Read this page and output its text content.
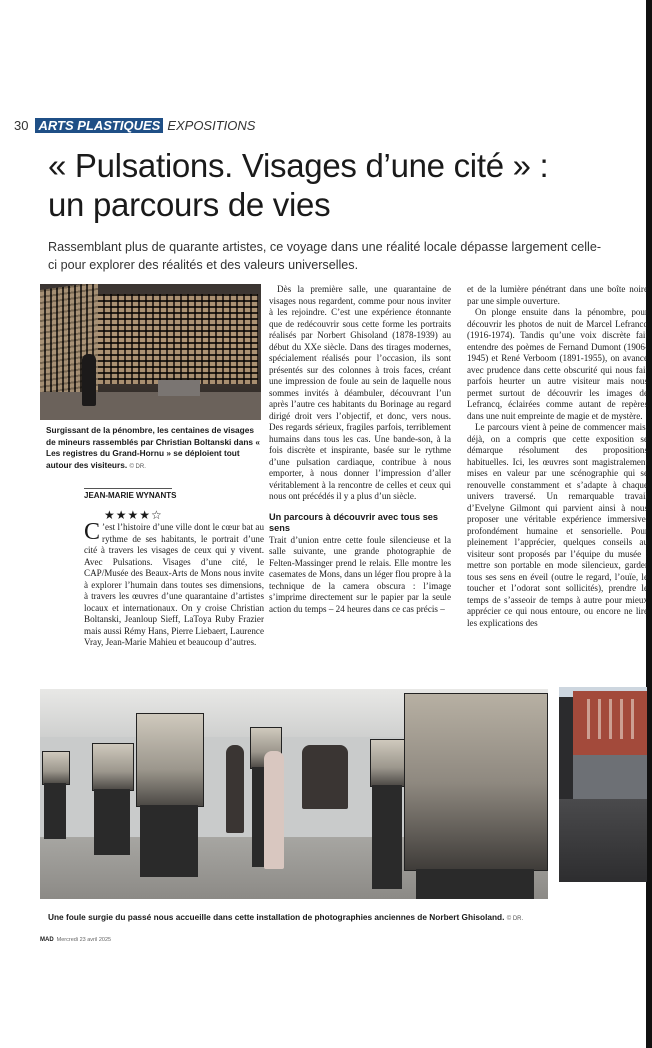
30 ARTS PLASTIQUES EXPOSITIONS
« Pulsations. Visages d’une cité » :
un parcours de vies

Rassemblant plus de quarante artistes, ce voyage dans une réalité locale dépasse largement celle-ci pour explorer des réalités et des valeurs universelles.

Surgissant de la pénombre, les centaines de visages de mineurs rassemblés par Christian Boltanski dans « Les registres du Grand-Hornu » se déploient tout autour des visiteurs. © DR.

JEAN-MARIE WYNANTS
★★★★☆

C ’est l’histoire d’une ville dont le cœur bat au rythme de ses habitants, le portrait d’une cité à travers les visages de ceux qui y vivent. Avec Pulsations. Visages d’une cité, le CAP/Musée des Beaux-Arts de Mons nous invite à explorer l’humain dans toutes ses dimensions, à travers les œuvres d’une quarantaine d’artistes locaux et internationaux. On y croise Christian Boltanski, Jeanloup Sieff, LaToya Ruby Frazier mais aussi Rémy Hans, Pierre Liebaert, Laurence Vray, Jean-Marie Mahieu et beaucoup d’autres.

Dès la première salle, une quarantaine de visages nous regardent, comme pour nous inviter à les rejoindre. C’est une expérience étonnante que de redécouvrir sous cette forme les portraits réalisés par Norbert Ghisoland (1878-1939) au début du XXe siècle. Dans des tirages modernes, spécialement réalisés pour l’occasion, ils sont présentés sur des colonnes à trois faces, créant une impression de foule au sein de laquelle nous sommes invités à déambuler, découvrant l’un après l’autre ces habitants du Borinage au regard dirigé droit vers l’objectif, et donc, vers nous. Des regards sérieux, fragiles parfois, terriblement humains dans tous les cas. Une bande-son, à la fois discrète et inspirante, basée sur le rythme d’une pulsation cardiaque, contribue à nous emporter, à nous donner l’impression d’aller véritablement à la rencontre de celles et ceux qui nous ont précédés il y a plus d’un siècle.

Un parcours à découvrir avec tous ses sens

Trait d’union entre cette foule silencieuse et la salle suivante, une grande photographie de Felten-Massinger prend le relais. Elle montre les casemates de Mons, dans un léger flou propre à la technique de la camera obscura : l’image s’imprime directement sur le papier par la seule action du temps – 24 heures dans ce cas précis –

et de la lumière pénétrant dans une boîte noire par une simple ouverture.

On plonge ensuite dans la pénombre, pour découvrir les photos de nuit de Marcel Lefrancq (1916-1974). Tandis qu’une voix discrète fait entendre des poèmes de Fernand Dumont (1906-1945) et René Verboom (1891-1955), on avance avec prudence dans cette obscurité qui nous fait parfois heurter un autre visiteur mais nous permet surtout de découvrir les images de Lefrancq, éclairées comme autant de repères dans une nuit empreinte de magie et de mystère.

Le parcours vient à peine de commencer mais, déjà, on a compris que cette exposition se démarque résolument des propositions habituelles. Ici, les œuvres sont magistralement mises en valeur par une scénographie qui se renouvelle constamment et s’adapte à chaque univers traversé. Un remarquable travail d’Evelyne Gilmont qui parvient ainsi à nous proposer une véritable expérience immersive, profondément humaine et sensorielle. Pour pleinement l’apprécier, quelques conseils au visiteur sont proposés par l’équipe du musée : mettre son portable en mode silencieux, garder tous ses sens en éveil (outre le regard, l’ouïe, le toucher et l’odorat sont sollicités), prendre le temps de s’asseoir de temps à autre pour mieux apprécier ce qui nous entoure, ou encore ne lire les explications des

Une foule surgie du passé nous accueille dans cette installation de photographies anciennes de Norbert Ghisoland. © DR.

MAD Mercredi 23 avril 2025
